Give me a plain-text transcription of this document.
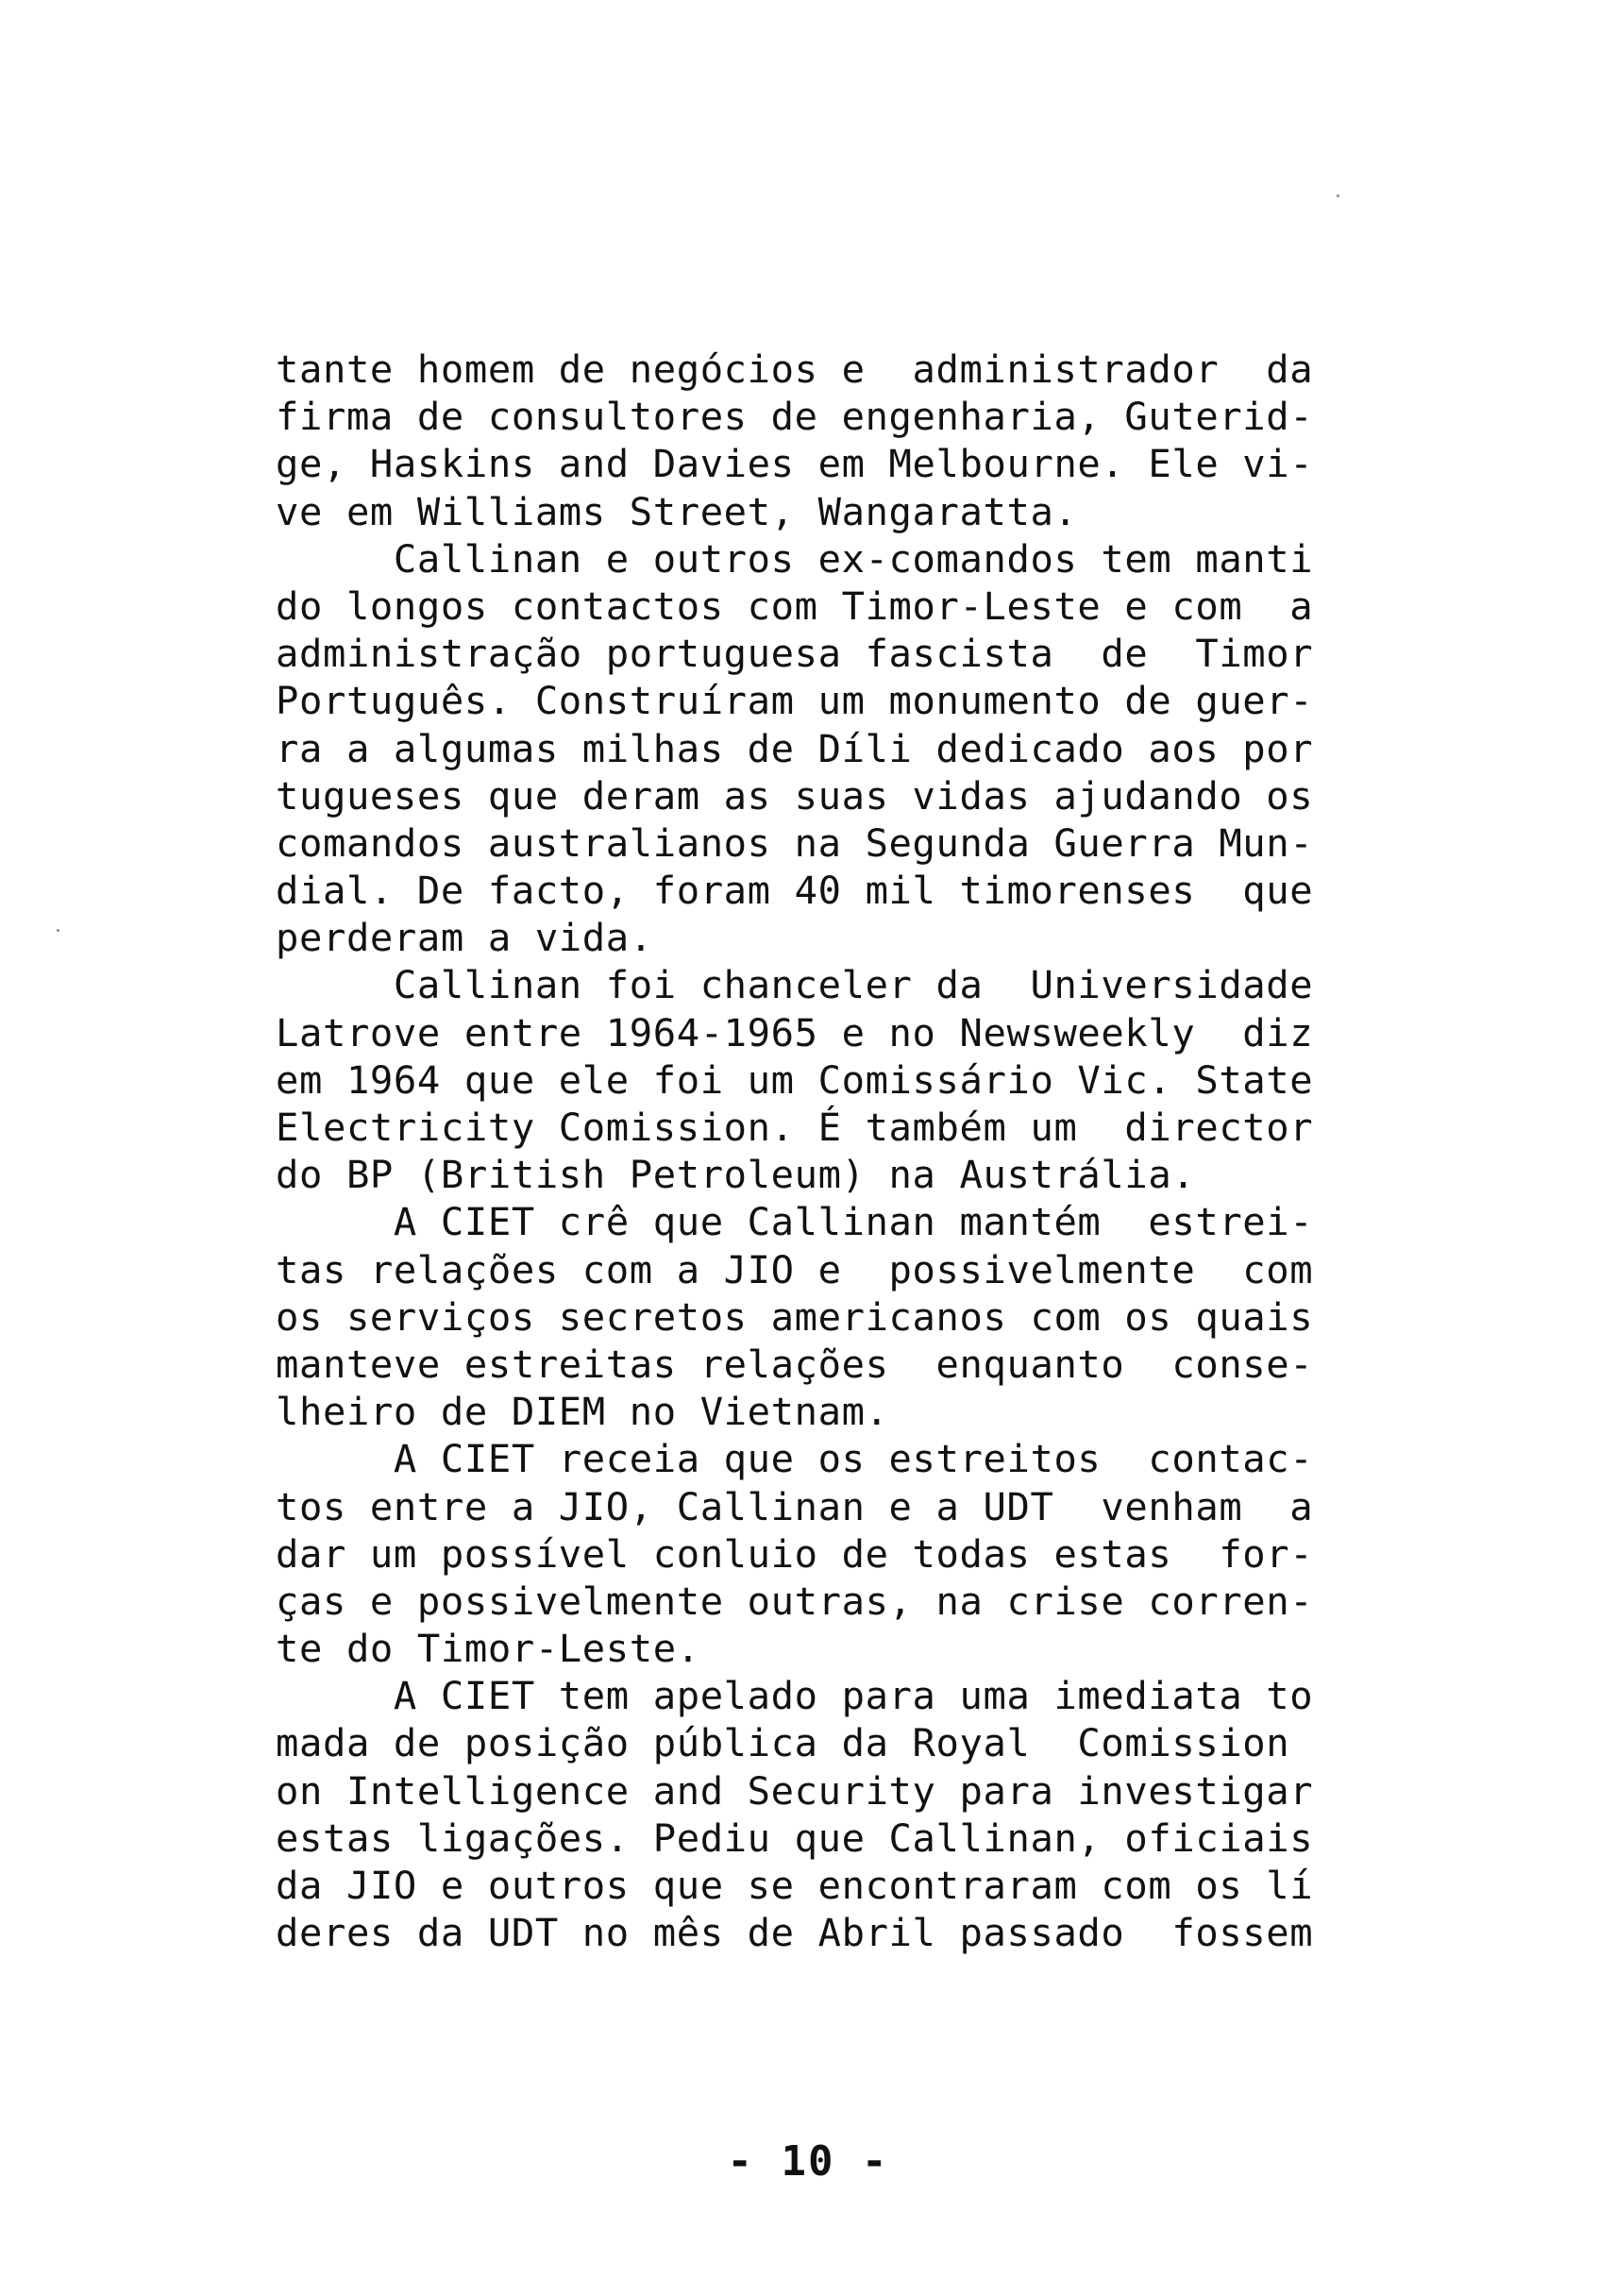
tante homem de negócios e  administrador  da
firma de consultores de engenharia, Guterid-
ge, Haskins and Davies em Melbourne. Ele vi-
ve em Williams Street, Wangaratta.
Callinan e outros ex-comandos tem manti
do longos contactos com Timor-Leste e com  a
administração portuguesa fascista  de  Timor
Português. Construíram um monumento de guer-
ra a algumas milhas de Díli dedicado aos por
tugueses que deram as suas vidas ajudando os
comandos australianos na Segunda Guerra Mun-
dial. De facto, foram 40 mil timorenses  que
perderam a vida.
Callinan foi chanceler da  Universidade
Latrove entre 1964-1965 e no Newsweekly  diz
em 1964 que ele foi um Comissário Vic. State
Electricity Comission. É também um  director
do BP (British Petroleum) na Austrália.
A CIET crê que Callinan mantém  estrei-
tas relações com a JIO e  possivelmente  com
os serviços secretos americanos com os quais
manteve estreitas relações  enquanto  conse-
lheiro de DIEM no Vietnam.
A CIET receia que os estreitos  contac-
tos entre a JIO, Callinan e a UDT  venham  a
dar um possível conluio de todas estas  for-
ças e possivelmente outras, na crise corren-
te do Timor-Leste.
A CIET tem apelado para uma imediata to
mada de posição pública da Royal  Comission
on Intelligence and Security para investigar
estas ligações. Pediu que Callinan, oficiais
da JIO e outros que se encontraram com os lí
deres da UDT no mês de Abril passado  fossem
- 10 -
